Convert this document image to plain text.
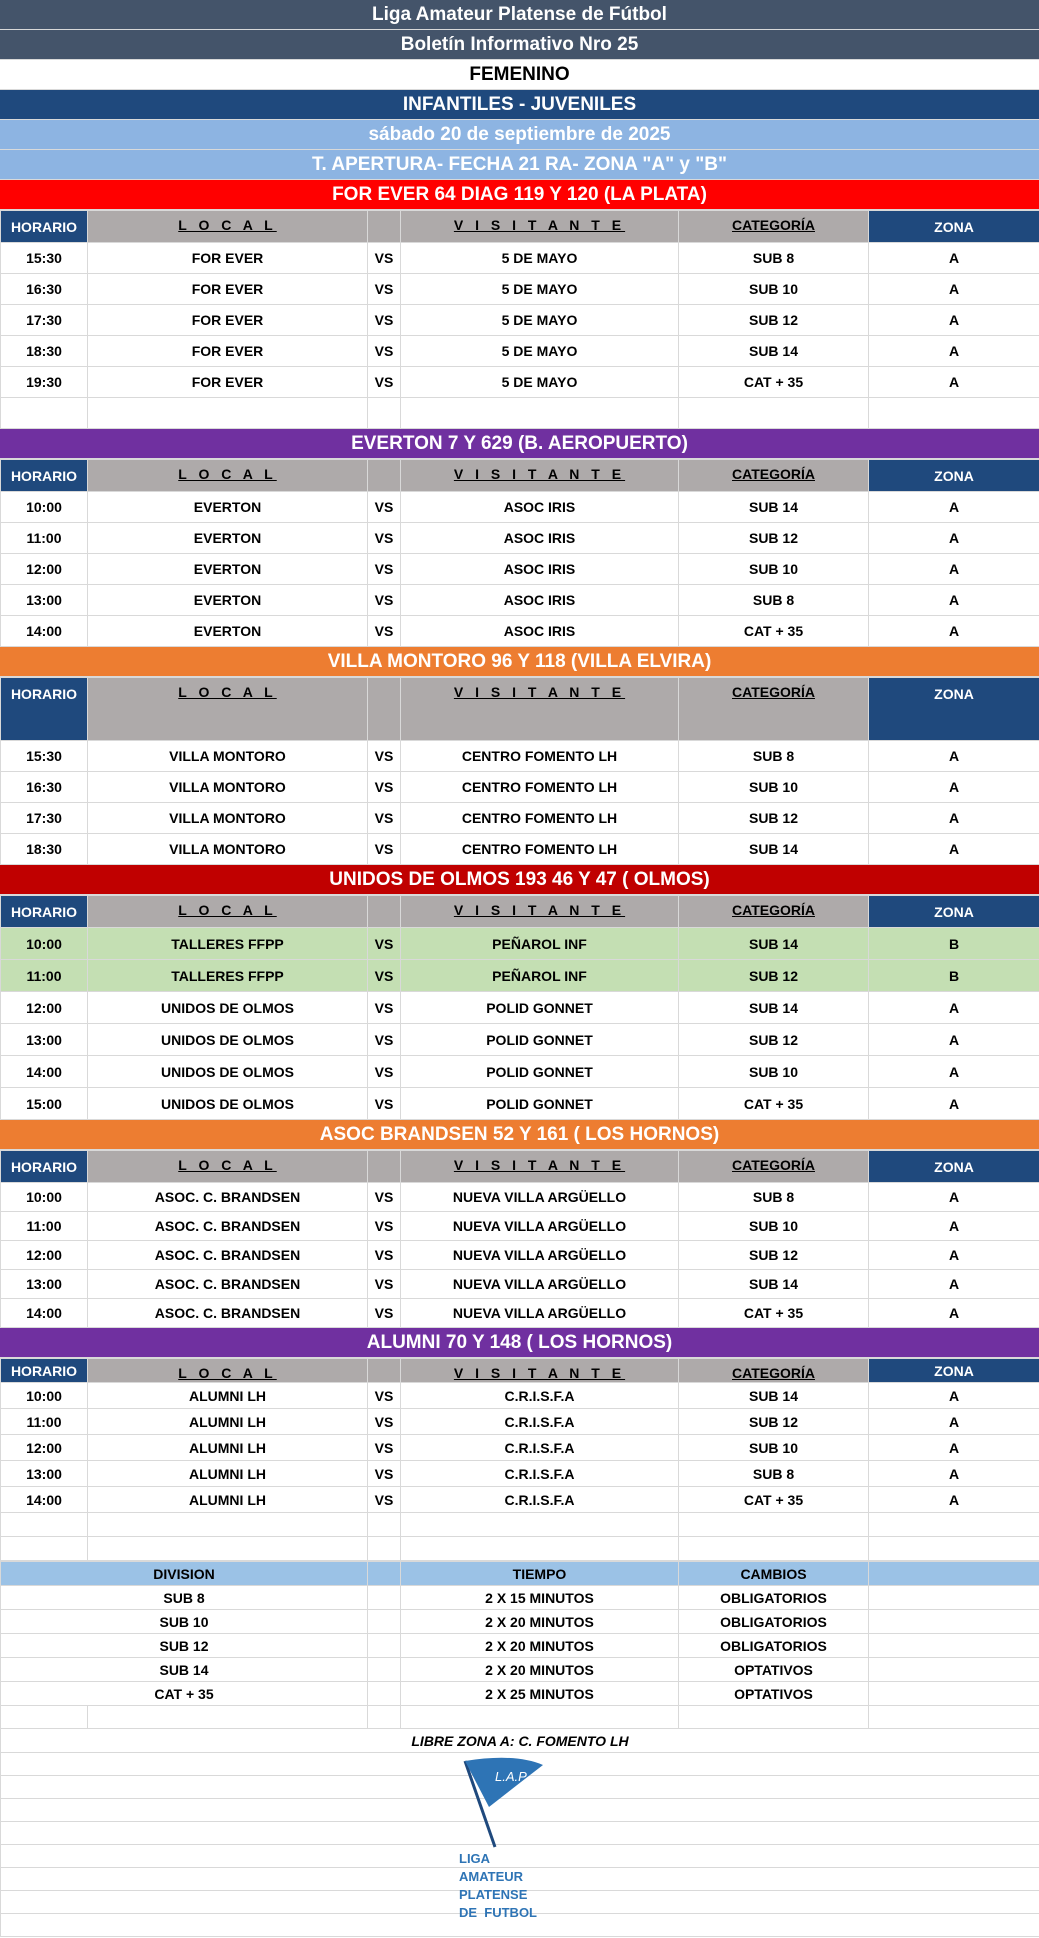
Liga Amateur Platense de Fútbol
Boletín Informativo Nro 25
FEMENINO
INFANTILES - JUVENILES
sábado 20 de septiembre de 2025
T. APERTURA- FECHA 21 RA- ZONA "A" y "B"
FOR EVER 64 DIAG 119 Y 120 (LA PLATA)
HORARIO	L O C A L		V I S I T A N T E	CATEGORÍA	ZONA
15:30	FOR EVER	VS	5 DE MAYO	SUB 8	A
16:30	FOR EVER	VS	5 DE MAYO	SUB 10	A
17:30	FOR EVER	VS	5 DE MAYO	SUB 12	A
18:30	FOR EVER	VS	5 DE MAYO	SUB 14	A
19:30	FOR EVER	VS	5 DE MAYO	CAT + 35	A

EVERTON 7 Y 629 (B. AEROPUERTO)
HORARIO	L O C A L		V I S I T A N T E	CATEGORÍA	ZONA
10:00	EVERTON	VS	ASOC IRIS	SUB 14	A
11:00	EVERTON	VS	ASOC IRIS	SUB 12	A
12:00	EVERTON	VS	ASOC IRIS	SUB 10	A
13:00	EVERTON	VS	ASOC IRIS	SUB 8	A
14:00	EVERTON	VS	ASOC IRIS	CAT + 35	A
VILLA MONTORO 96 Y 118 (VILLA ELVIRA)
HORARIO	L O C A L		V I S I T A N T E	CATEGORÍA	ZONA
15:30	VILLA MONTORO	VS	CENTRO FOMENTO LH	SUB 8	A
16:30	VILLA MONTORO	VS	CENTRO FOMENTO LH	SUB 10	A
17:30	VILLA MONTORO	VS	CENTRO FOMENTO LH	SUB 12	A
18:30	VILLA MONTORO	VS	CENTRO FOMENTO LH	SUB 14	A
UNIDOS DE OLMOS 193 46 Y 47 ( OLMOS)
HORARIO	L O C A L		V I S I T A N T E	CATEGORÍA	ZONA
10:00	TALLERES FFPP	VS	PEÑAROL INF	SUB 14	B
11:00	TALLERES FFPP	VS	PEÑAROL INF	SUB 12	B
12:00	UNIDOS DE OLMOS	VS	POLID GONNET	SUB 14	A
13:00	UNIDOS DE OLMOS	VS	POLID GONNET	SUB 12	A
14:00	UNIDOS DE OLMOS	VS	POLID GONNET	SUB 10	A
15:00	UNIDOS DE OLMOS	VS	POLID GONNET	CAT + 35	A
ASOC BRANDSEN 52 Y 161 ( LOS HORNOS)
HORARIO	L O C A L		V I S I T A N T E	CATEGORÍA	ZONA
10:00	ASOC. C. BRANDSEN	VS	NUEVA VILLA ARGÜELLO	SUB 8	A
11:00	ASOC. C. BRANDSEN	VS	NUEVA VILLA ARGÜELLO	SUB 10	A
12:00	ASOC. C. BRANDSEN	VS	NUEVA VILLA ARGÜELLO	SUB 12	A
13:00	ASOC. C. BRANDSEN	VS	NUEVA VILLA ARGÜELLO	SUB 14	A
14:00	ASOC. C. BRANDSEN	VS	NUEVA VILLA ARGÜELLO	CAT + 35	A
ALUMNI 70 Y 148 ( LOS HORNOS)
HORARIO	L O C A L		V I S I T A N T E	CATEGORÍA	ZONA
10:00	ALUMNI LH	VS	C.R.I.S.F.A	SUB 14	A
11:00	ALUMNI LH	VS	C.R.I.S.F.A	SUB 12	A
12:00	ALUMNI LH	VS	C.R.I.S.F.A	SUB 10	A
13:00	ALUMNI LH	VS	C.R.I.S.F.A	SUB 8	A
14:00	ALUMNI LH	VS	C.R.I.S.F.A	CAT + 35	A

DIVISION			TIEMPO	CAMBIOS	
SUB 8			2 X 15 MINUTOS	OBLIGATORIOS	
SUB 10			2 X 20 MINUTOS	OBLIGATORIOS	
SUB 12			2 X 20 MINUTOS	OBLIGATORIOS	
SUB 14			2 X 20 MINUTOS	OPTATIVOS	
CAT + 35			2 X 25 MINUTOS	OPTATIVOS	

LIBRE ZONA A: C. FOMENTO LH					

L.A.P.
LIGA
AMATEUR
PLATENSE
DE  FUTBOL
